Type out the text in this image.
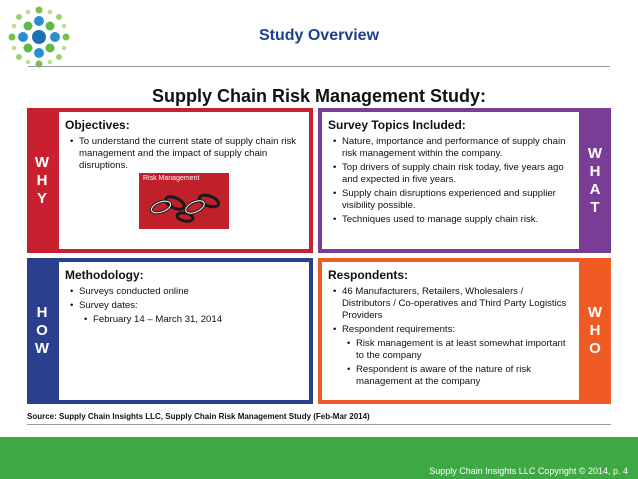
Study Overview
Supply Chain Risk Management Study:
W
H
Y
Objectives:
• To understand the current state of supply chain risk management and the impact of supply chain disruptions.
Risk Management
Survey Topics Included:
• Nature, importance and performance of supply chain risk management within the company.
• Top drivers of supply chain risk today, five years ago and expected in five years.
• Supply chain disruptions experienced and supplier visibility possible.
• Techniques used to manage supply chain risk.
W
H
A
T
H
O
W
Methodology:
• Surveys conducted online
• Survey dates:
• February 14 – March 31, 2014
Respondents:
• 46 Manufacturers, Retailers, Wholesalers / Distributors / Co-operatives and Third Party Logistics Providers
• Respondent requirements:
• Risk management is at least somewhat important to the company
• Respondent is aware of the nature of risk management at the company
W
H
O
Source: Supply Chain Insights LLC, Supply Chain Risk Management Study (Feb-Mar 2014)
Supply Chain Insights LLC Copyright © 2014, p. 4
